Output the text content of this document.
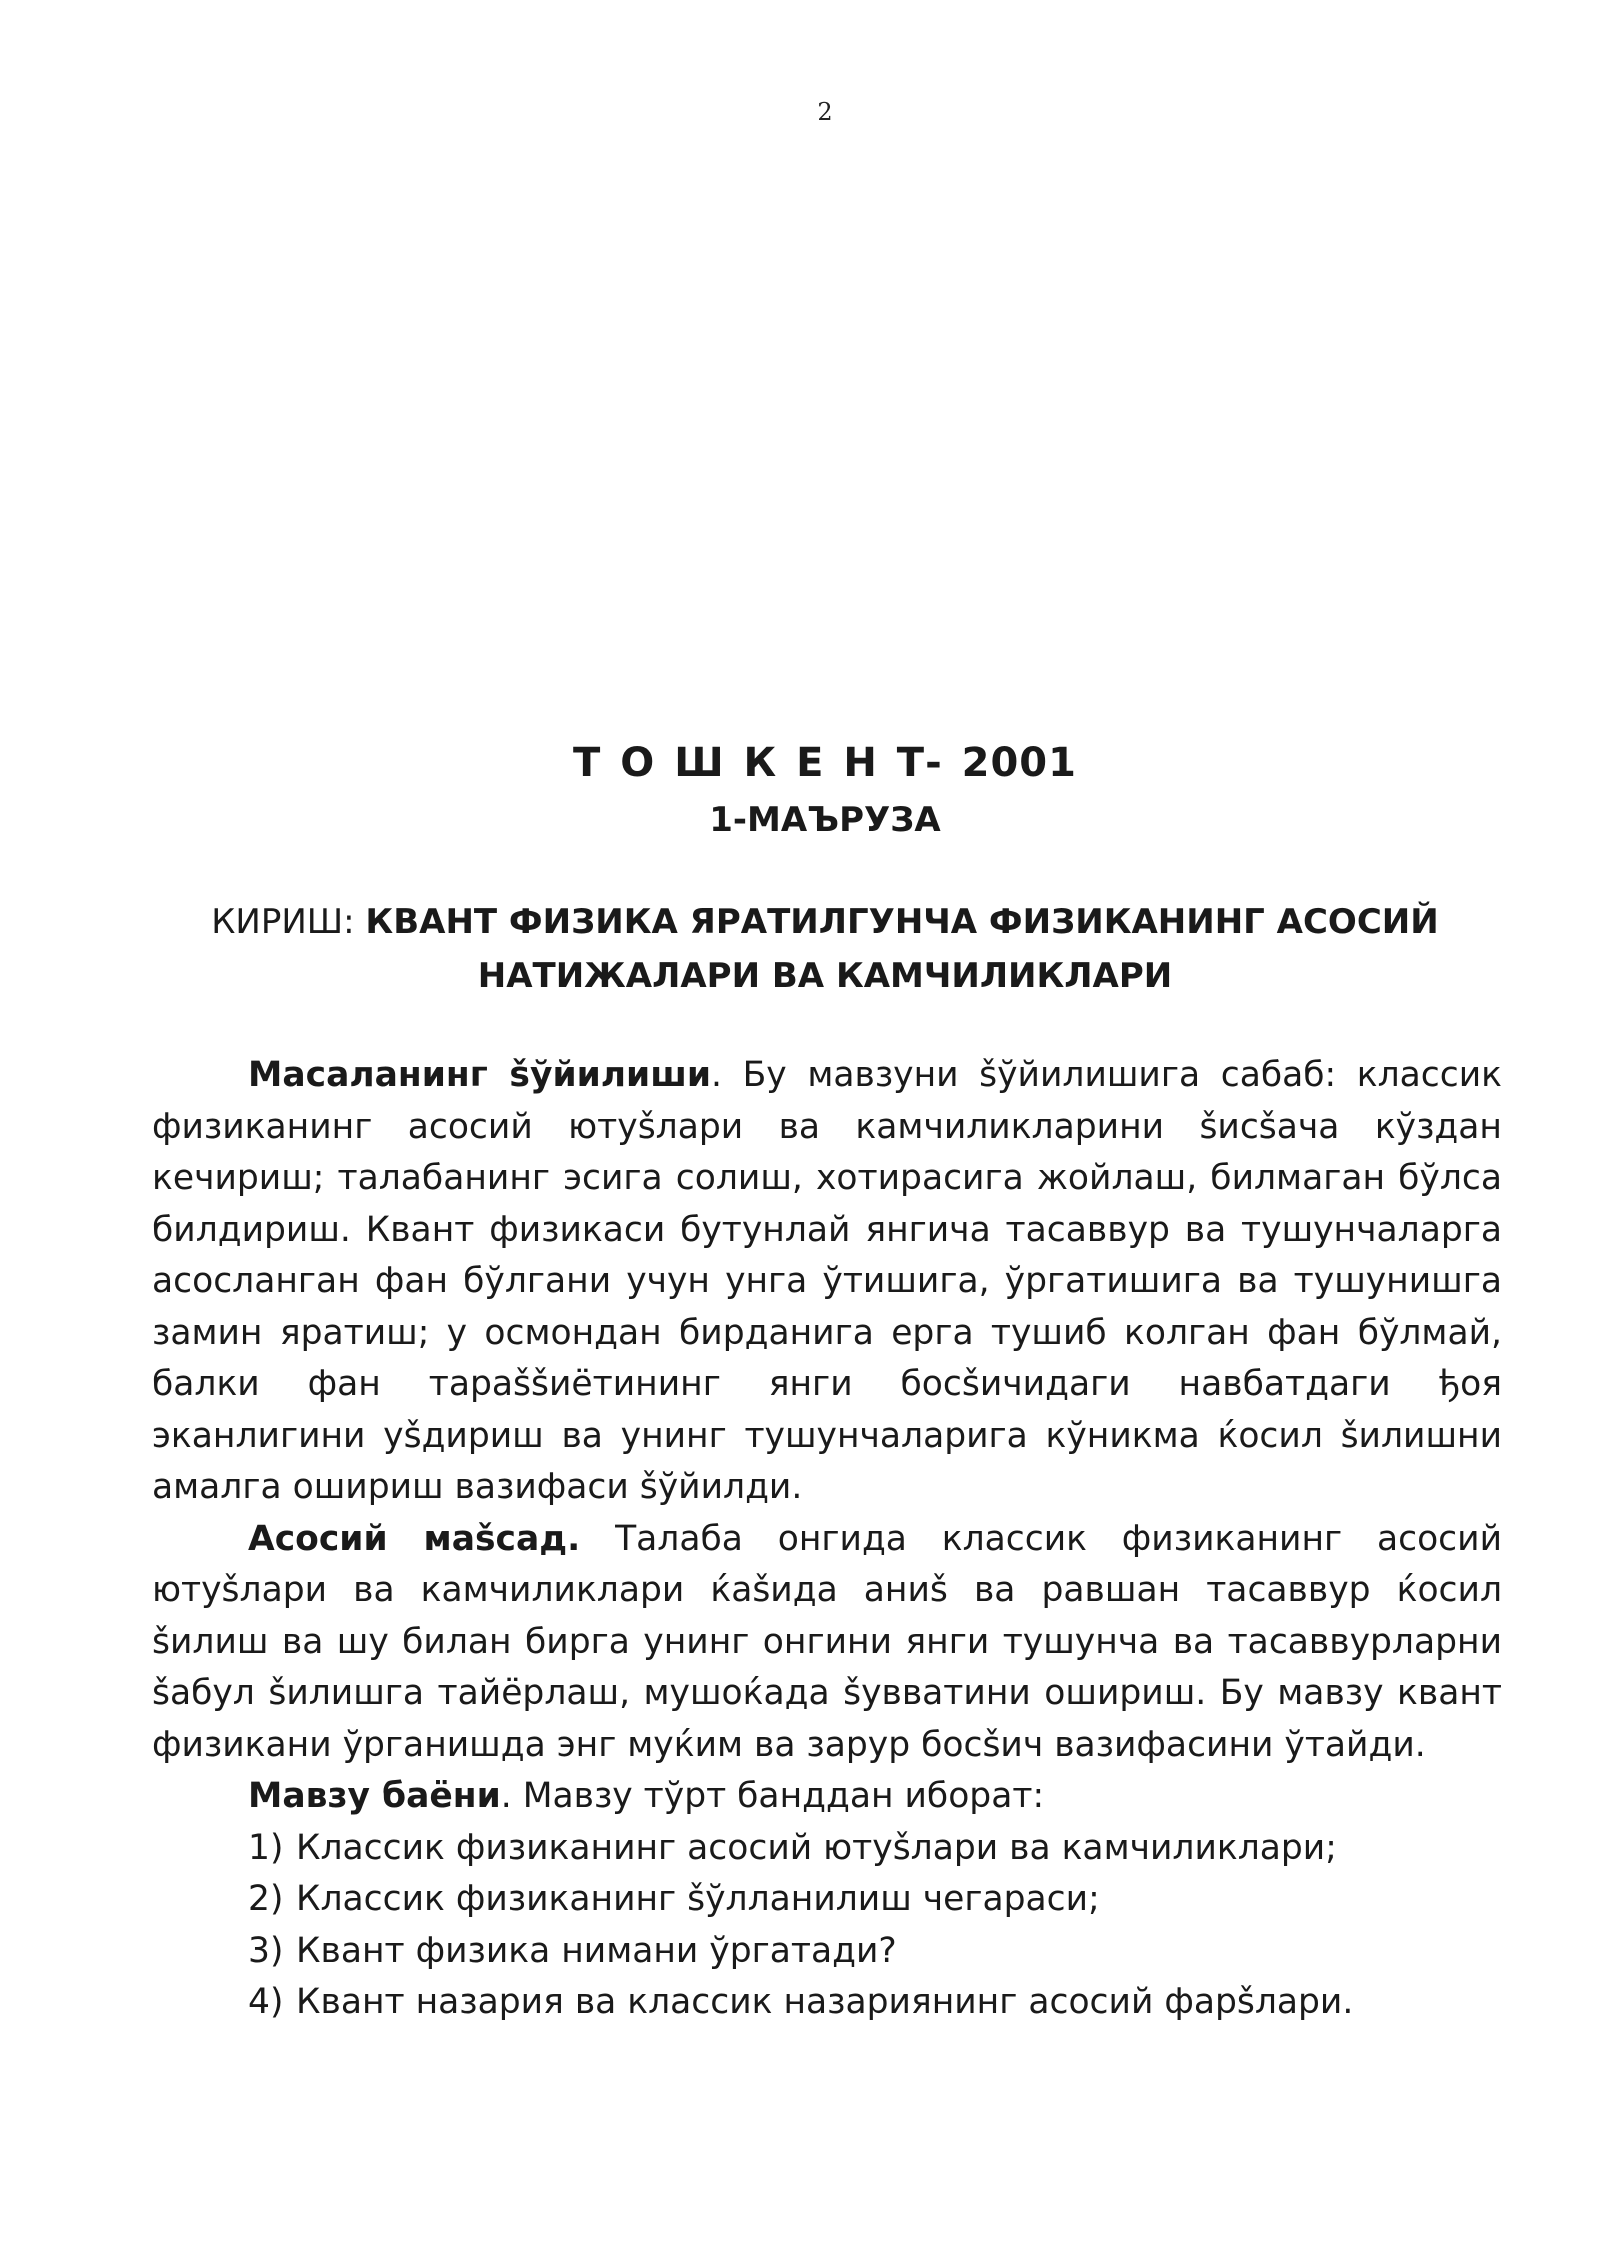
2
Т О Ш К Е Н Т- 2001
1-МАЪРУЗА
КИРИШ: КВАНТ ФИЗИКА ЯРАТИЛГУНЧА ФИЗИКАНИНГ АСОСИЙ НАТИЖАЛАРИ ВА КАМЧИЛИКЛАРИ

Масаланинг šўйилиши. Бу мавзуни šўйилишига сабаб: классик физиканинг асосий ютуšлари ва камчиликларини šисšача кўздан кечириш; талабанинг эсига солиш, хотирасига жойлаш, билмаган бўлса билдириш. Квант физикаси бутунлай янгича тасаввур ва тушунчаларга асосланган фан бўлгани учун унга ўтишига, ўргатишига ва тушунишга замин яратиш; у осмондан бирданига ерга тушиб колган фан бўлмай, балки фан тараššиётининг янги босšичидаги навбатдаги ђоя эканлигини уšдириш ва унинг тушунчаларига кўникма ќосил šилишни амалга ошириш вазифаси šўйилди.

Асосий маšсад. Талаба онгида классик физиканинг асосий ютуšлари ва камчиликлари ќаšида аниš ва равшан тасаввур ќосил šилиш ва шу билан бирга унинг онгини янги тушунча ва тасаввурларни šабул šилишга тайёрлаш, мушоќада šувватини ошириш. Бу мавзу квант физикани ўрганишда энг муќим ва зарур босšич вазифасини ўтайди.

Мавзу баёни. Мавзу тўрт банддан иборат:

1) Классик физиканинг асосий ютуšлари ва камчиликлари;
2) Классик физиканинг šўлланилиш чегараси;
3) Квант физика нимани ўргатади?
4) Квант назария ва классик назариянинг асосий фарšлари.
